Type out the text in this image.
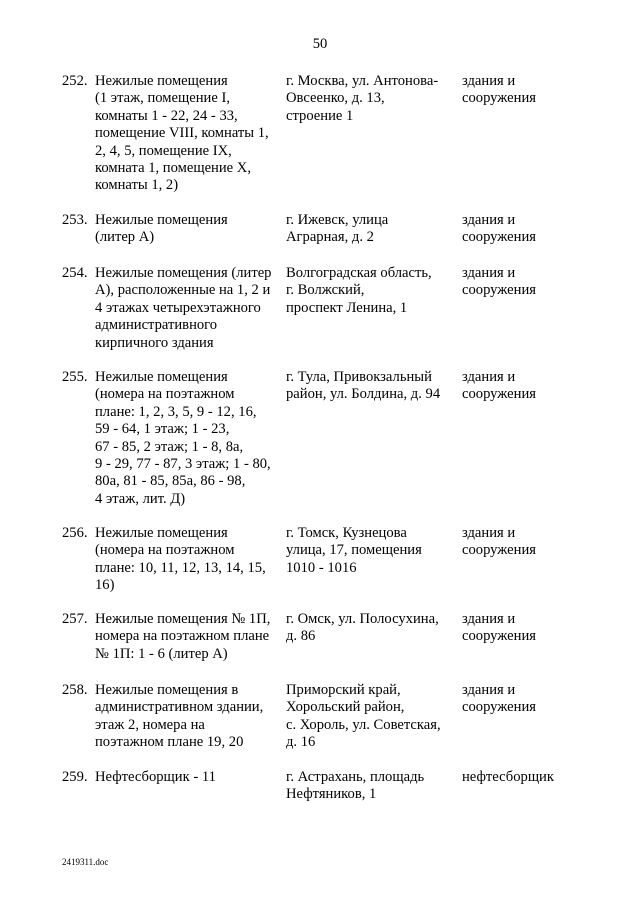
50
252. Нежилые помещения
(1 этаж, помещение I,
комнаты 1 - 22, 24 - 33,
помещение VIII, комнаты 1,
2, 4, 5, помещение IX,
комната 1, помещение X,
комнаты 1, 2)
г. Москва, ул. Антонова-
Овсеенко, д. 13,
строение 1
здания и
сооружения
253. Нежилые помещения
(литер А)
г. Ижевск, улица
Аграрная, д. 2
здания и
сооружения
254. Нежилые помещения (литер
А), расположенные на 1, 2 и
4 этажах четырехэтажного
административного
кирпичного здания
Волгоградская область,
г. Волжский,
проспект Ленина, 1
здания и
сооружения
255. Нежилые помещения
(номера на поэтажном
плане: 1, 2, 3, 5, 9 - 12, 16,
59 - 64, 1 этаж; 1 - 23,
67 - 85, 2 этаж; 1 - 8, 8а,
9 - 29, 77 - 87, 3 этаж; 1 - 80,
80а, 81 - 85, 85а, 86 - 98,
4 этаж, лит. Д)
г. Тула, Привокзальный
район, ул. Болдина, д. 94
здания и
сооружения
256. Нежилые помещения
(номера на поэтажном
плане: 10, 11, 12, 13, 14, 15,
16)
г. Томск, Кузнецова
улица, 17, помещения
1010 - 1016
здания и
сооружения
257. Нежилые помещения № 1П,
номера на поэтажном плане
№ 1П: 1 - 6 (литер А)
г. Омск, ул. Полосухина,
д. 86
здания и
сооружения
258. Нежилые помещения в
административном здании,
этаж 2, номера на
поэтажном плане 19, 20
Приморский край,
Хорольский район,
с. Хороль, ул. Советская,
д. 16
здания и
сооружения
259. Нефтесборщик - 11	г. Астрахань, площадь
Нефтяников, 1
нефтесборщик
2419311.doc
